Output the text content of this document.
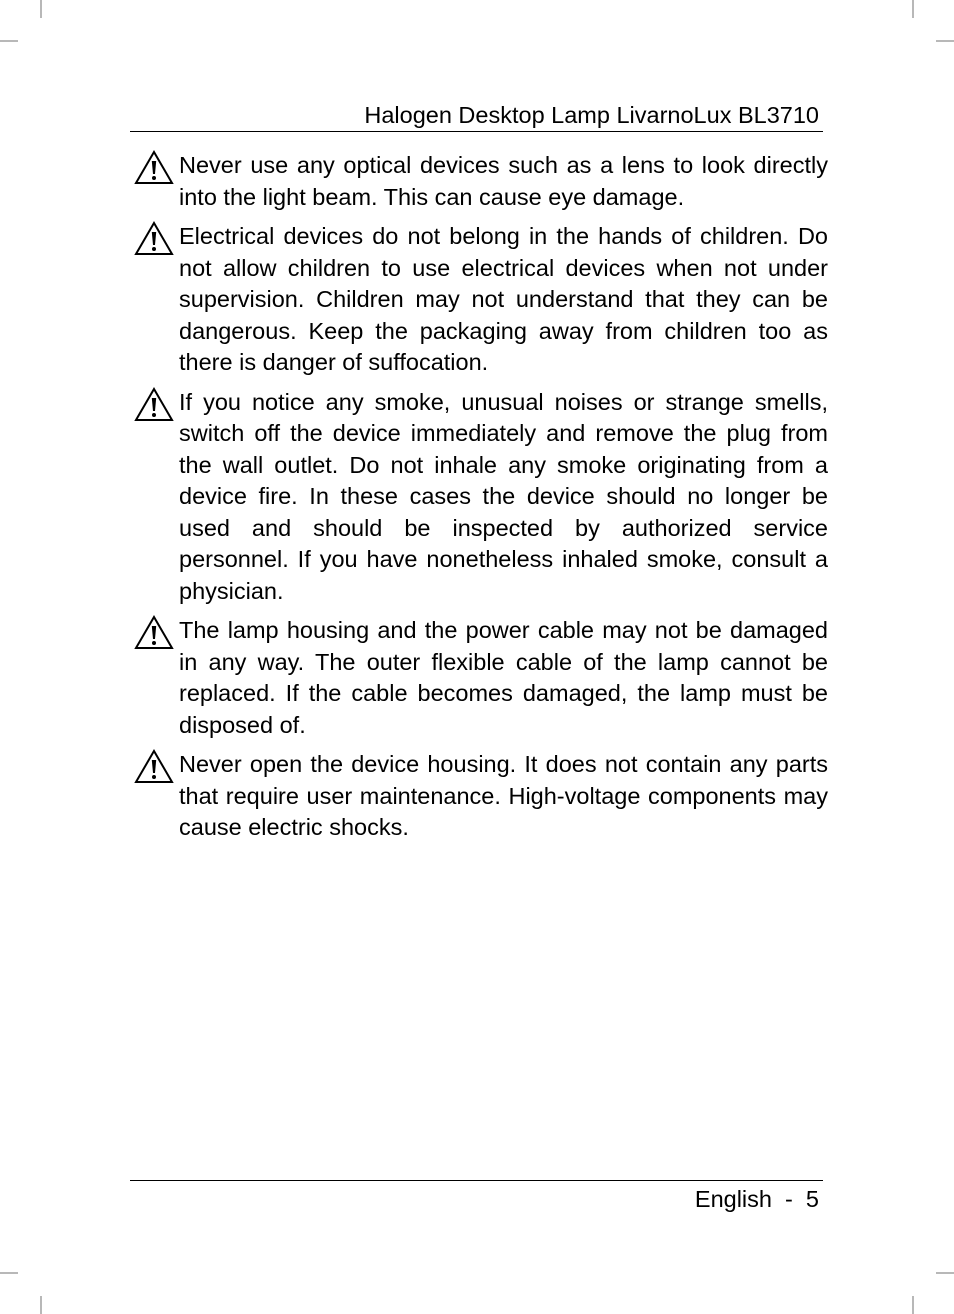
Halogen Desktop Lamp LivarnoLux BL3710

Never use any optical devices such as a lens to look directly into the light beam. This can cause eye damage.

Electrical devices do not belong in the hands of children. Do not allow children to use electrical devices when not under supervision. Children may not understand that they can be dangerous. Keep the packaging away from children too as there is danger of suffocation.

If you notice any smoke, unusual noises or strange smells, switch off the device immediately and remove the plug from the wall outlet. Do not inhale any smoke originating from a device fire. In these cases the device should no longer be used and should be inspected by authorized service personnel. If you have nonetheless inhaled smoke, consult a physician.

The lamp housing and the power cable may not be damaged in any way. The outer flexible cable of the lamp cannot be replaced. If the cable becomes damaged, the lamp must be disposed of.

Never open the device housing. It does not contain any parts that require user maintenance. High-voltage components may cause electric shocks.

English - 5
